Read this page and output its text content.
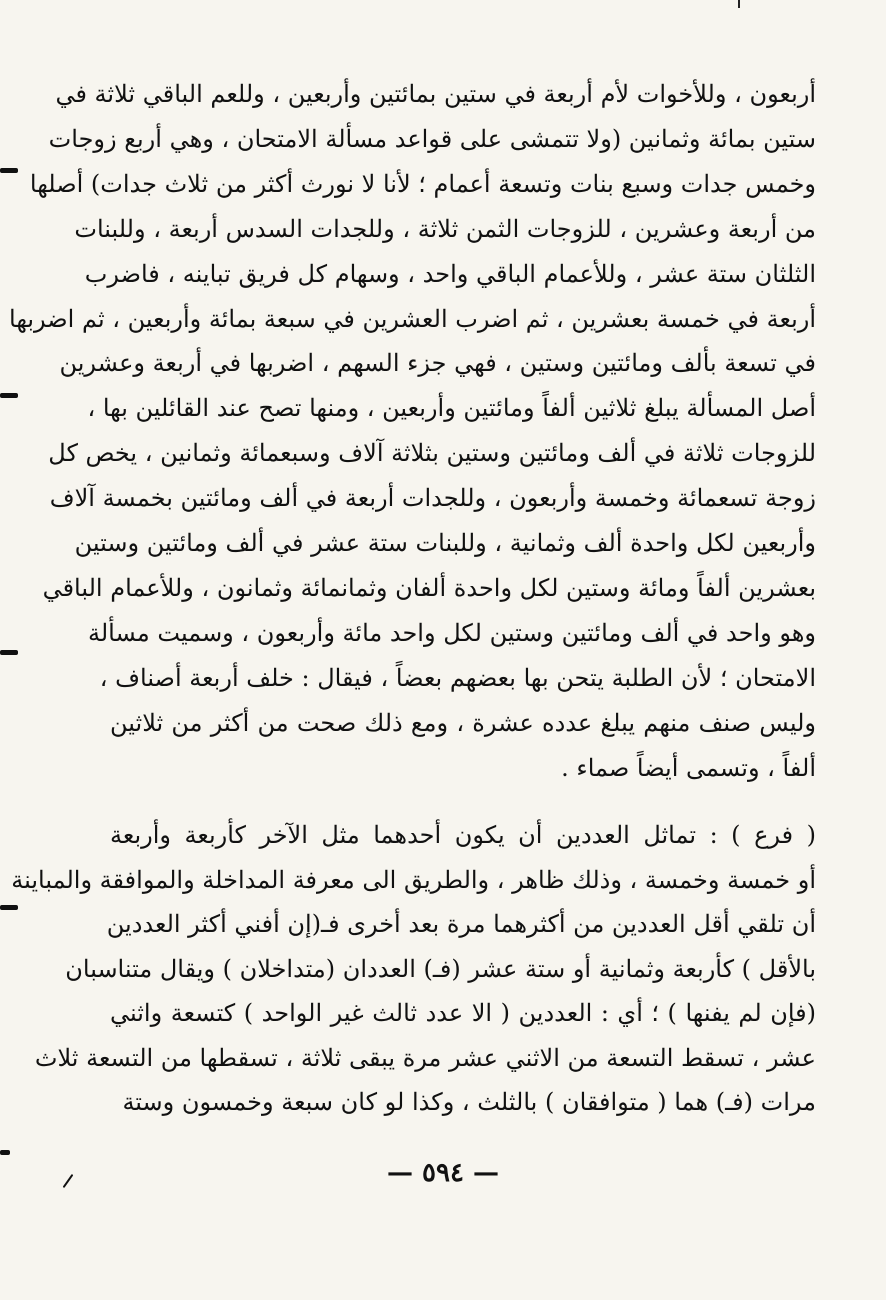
أربعون ، وللأخوات لأم أربعة في ستين بمائتين وأربعين ، وللعم الباقي ثلاثة في
ستين بمائة وثمانين (ولا تتمشى على قواعد مسألة الامتحان ، وهي أربع زوجات
وخمس جدات وسبع بنات وتسعة أعمام ؛ لأنا لا نورث أكثر من ثلاث جدات) أصلها
من أربعة وعشرين ، للزوجات الثمن ثلاثة ، وللجدات السدس أربعة ، وللبنات
الثلثان ستة عشر ، وللأعمام الباقي واحد ، وسهام كل فريق تباينه ، فاضرب
أربعة في خمسة بعشرين ، ثم اضرب العشرين في سبعة بمائة وأربعين ، ثم اضربها
في تسعة بألف ومائتين وستين ، فهي جزء السهم ، اضربها في أربعة وعشرين
أصل المسألة يبلغ ثلاثين ألفاً ومائتين وأربعين ، ومنها تصح عند القائلين بها ،
للزوجات ثلاثة في ألف ومائتين وستين بثلاثة آلاف وسبعمائة وثمانين ، يخص كل
زوجة تسعمائة وخمسة وأربعون ، وللجدات أربعة في ألف ومائتين بخمسة آلاف
وأربعين لكل واحدة ألف وثمانية ، وللبنات ستة عشر في ألف ومائتين وستين
بعشرين ألفاً ومائة وستين لكل واحدة ألفان وثمانمائة وثمانون ، وللأعمام الباقي
وهو واحد في ألف ومائتين وستين لكل واحد مائة وأربعون ، وسميت مسألة
الامتحان ؛ لأن الطلبة يتحن بها بعضهم بعضاً ، فيقال : خلف أربعة أصناف ،
وليس صنف منهم يبلغ عدده عشرة ، ومع ذلك صحت من أكثر من ثلاثين
ألفاً ، وتسمى أيضاً صماء .
( فرع ) : تماثل العددين أن يكون أحدهما مثل الآخر كأربعة وأربعة
أو خمسة وخمسة ، وذلك ظاهر ، والطريق الى معرفة المداخلة والموافقة والمباينة
أن تلقي أقل العددين من أكثرهما مرة بعد أخرى فـ(إن أفني أكثر العددين
بالأقل ) كأربعة وثمانية أو ستة عشر (فـ) العددان (متداخلان ) ويقال متناسبان
(فإن لم يفنها ) ؛ أي : العددين ( الا عدد ثالث غير الواحد ) كتسعة واثني
عشر ، تسقط التسعة من الاثني عشر مرة يبقى ثلاثة ، تسقطها من التسعة ثلاث
مرات (فـ) هما ( متوافقان ) بالثلث ، وكذا لو كان سبعة وخمسون وستة
— ٥٩٤ —
